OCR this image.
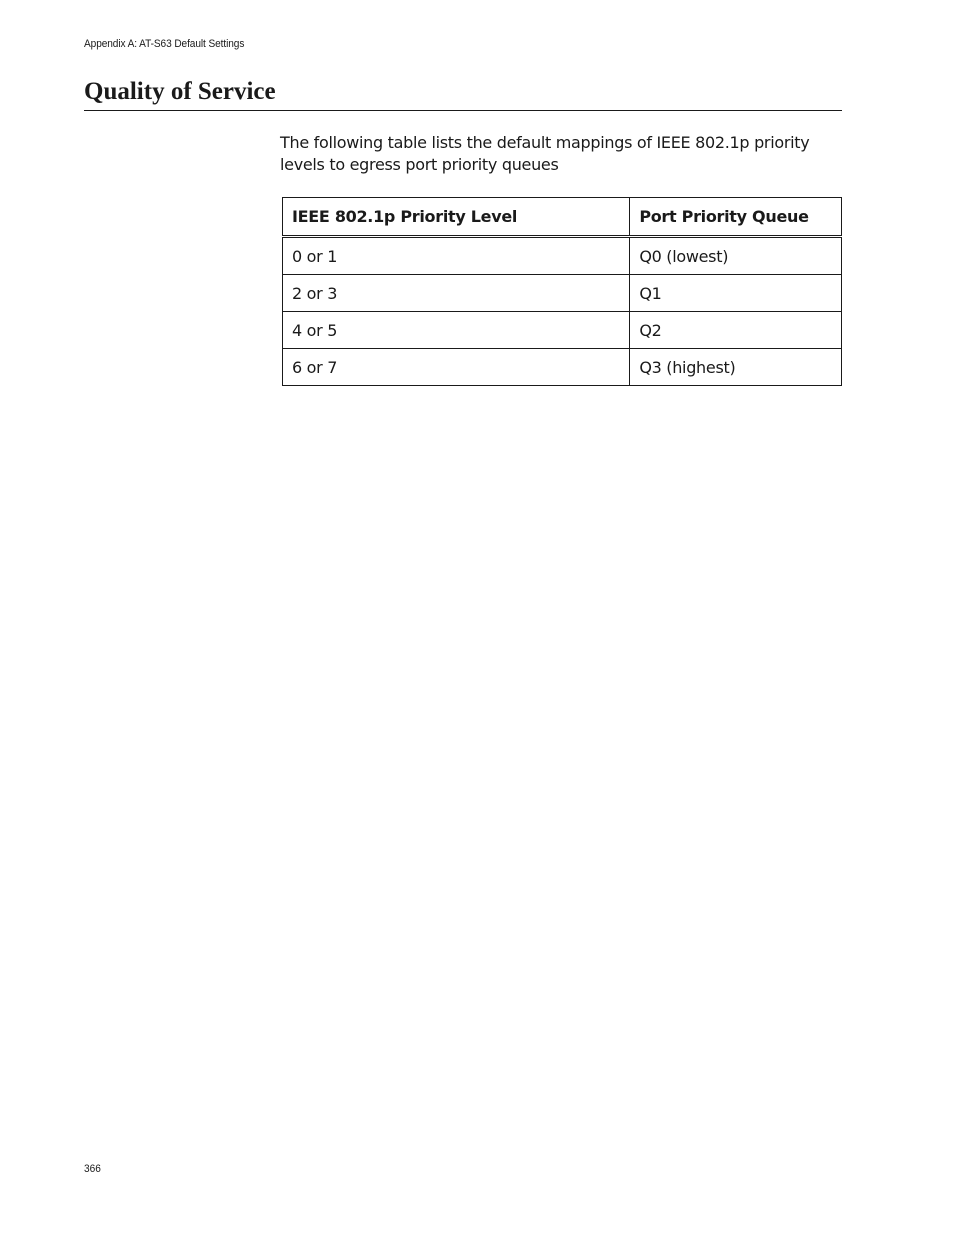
Appendix A: AT-S63 Default Settings
Quality of Service

The following table lists the default mappings of IEEE 802.1p priority levels to egress port priority queues

IEEE 802.1p Priority Level	Port Priority Queue
0 or 1	Q0 (lowest)
2 or 3	Q1
4 or 5	Q2
6 or 7	Q3 (highest)
366
